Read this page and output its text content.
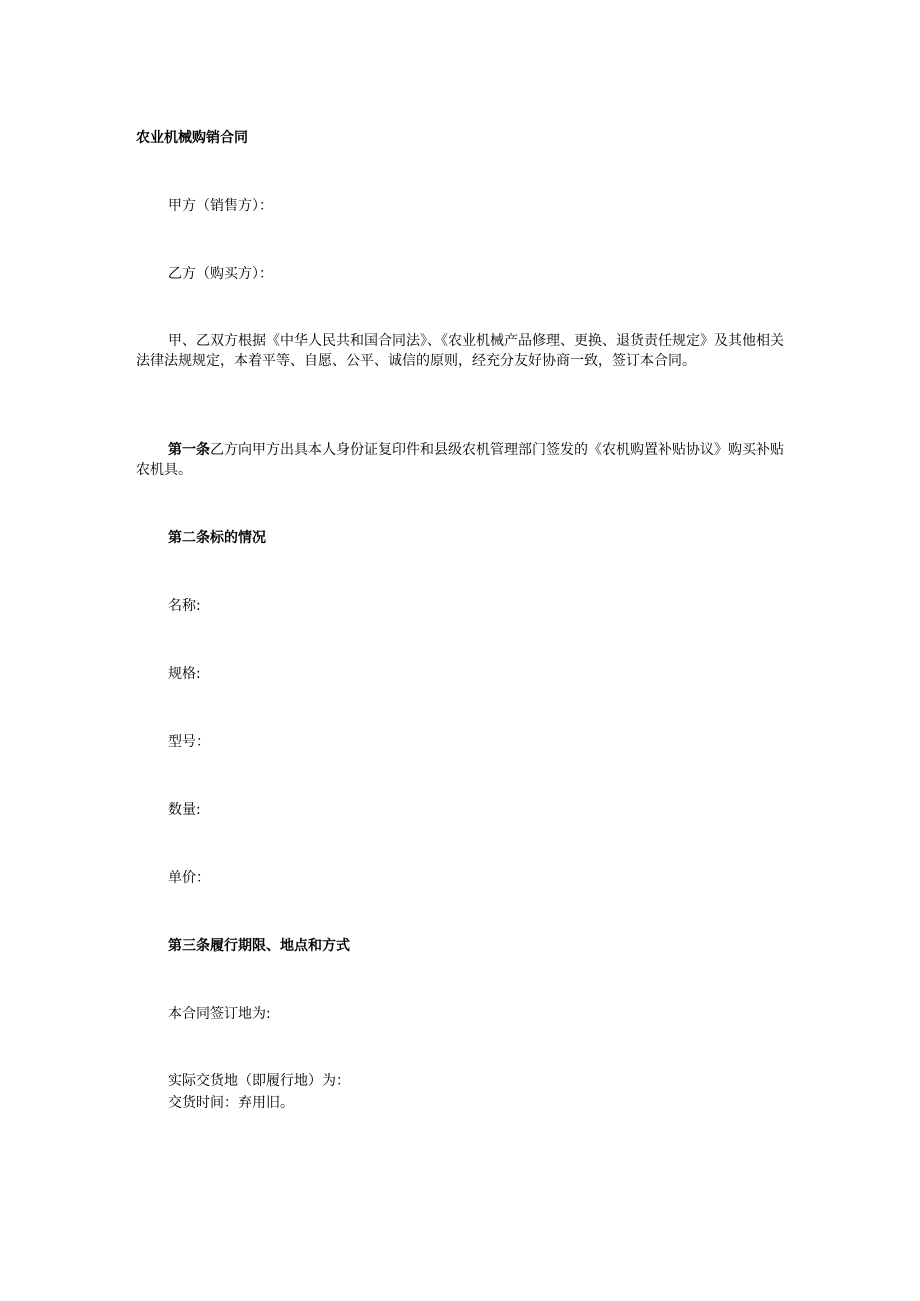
农业机械购销合同
甲方（销售方）：
乙方（购买方）：
甲、乙双方根据《中华人民共和国合同法》、《农业机械产品修理、更换、退货责任规定》及其他相关法律法规规定，本着平等、自愿、公平、诚信的原则，经充分友好协商一致，签订本合同。
第一条乙方向甲方出具本人身份证复印件和县级农机管理部门签发的《农机购置补贴协议》购买补贴农机具。
第二条标的情况
名称:
规格:
型号：
数量:
单价：
第三条履行期限、地点和方式
本合同签订地为:
实际交货地（即履行地）为：
交货时间：弃用旧。
